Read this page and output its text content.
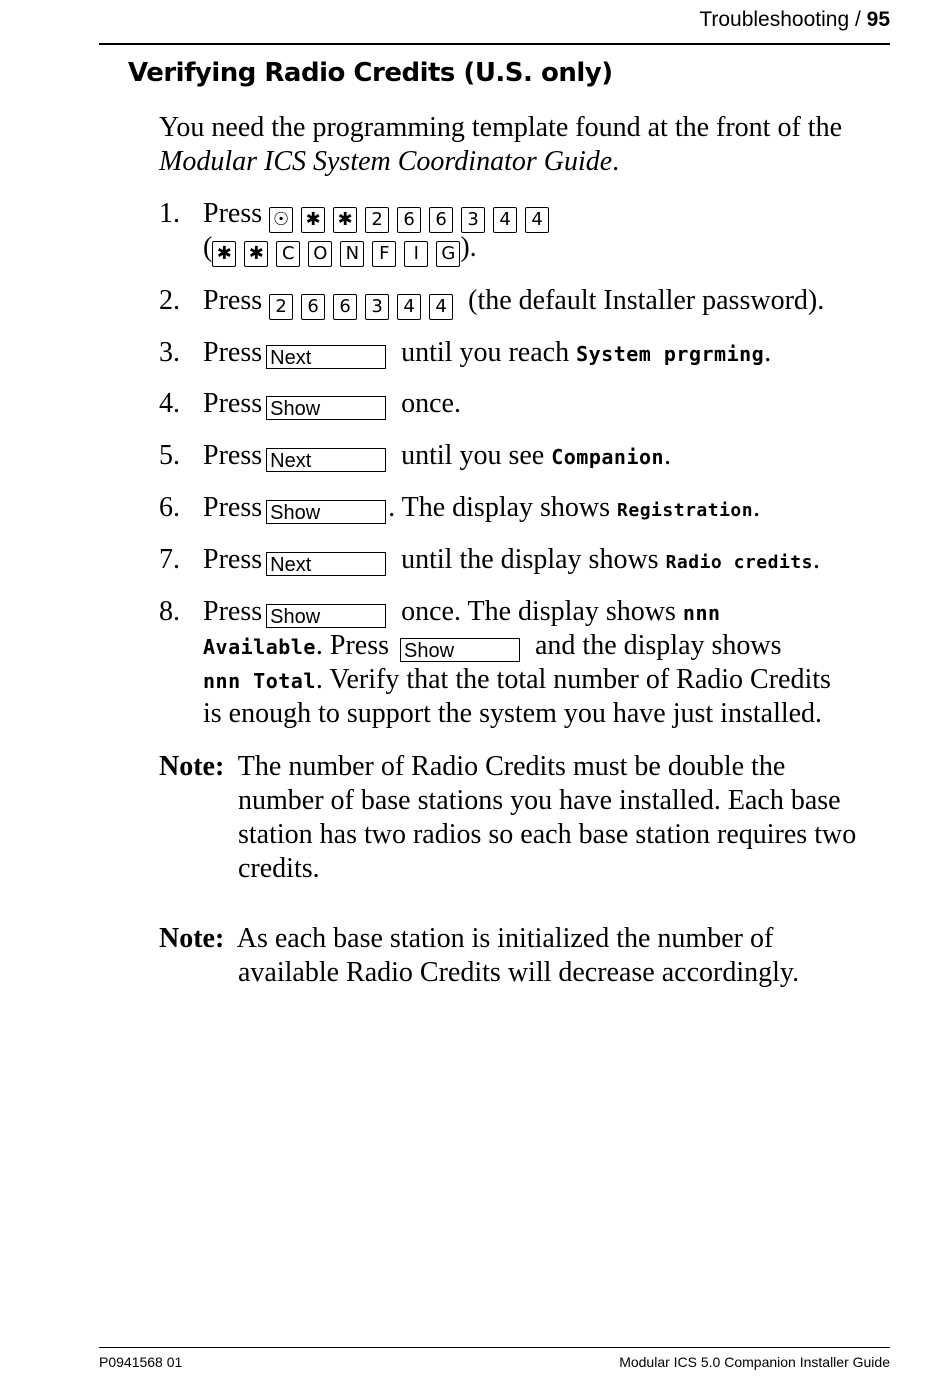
Troubleshooting / 95
Verifying Radio Credits (U.S. only)
You need the programming template found at the front of the Modular ICS System Coordinator Guide.
1. Press ☉ ✱ ✱ 2 6 6 3 4 4
( ✱ ✱ C O N F I G ).
2. Press 2 6 6 3 4 4 (the default Installer password).
3. Press Next	until you reach System prgrming.
4. Press Show	once.
5. Press Next	until you see Companion.
6. Press Show . The display shows Registration.
7. Press Next	until the display shows Radio credits.
8. Press Show	once. The display shows nnn
Available. Press Show	and the display shows
nnn Total. Verify that the total number of Radio Credits
is enough to support the system you have just installed.
Note: The number of Radio Credits must be double the
number of base stations you have installed. Each base
station has two radios so each base station requires two
credits.
Note: As each base station is initialized the number of
available Radio Credits will decrease accordingly.
P0941568 01	Modular ICS 5.0 Companion Installer Guide
